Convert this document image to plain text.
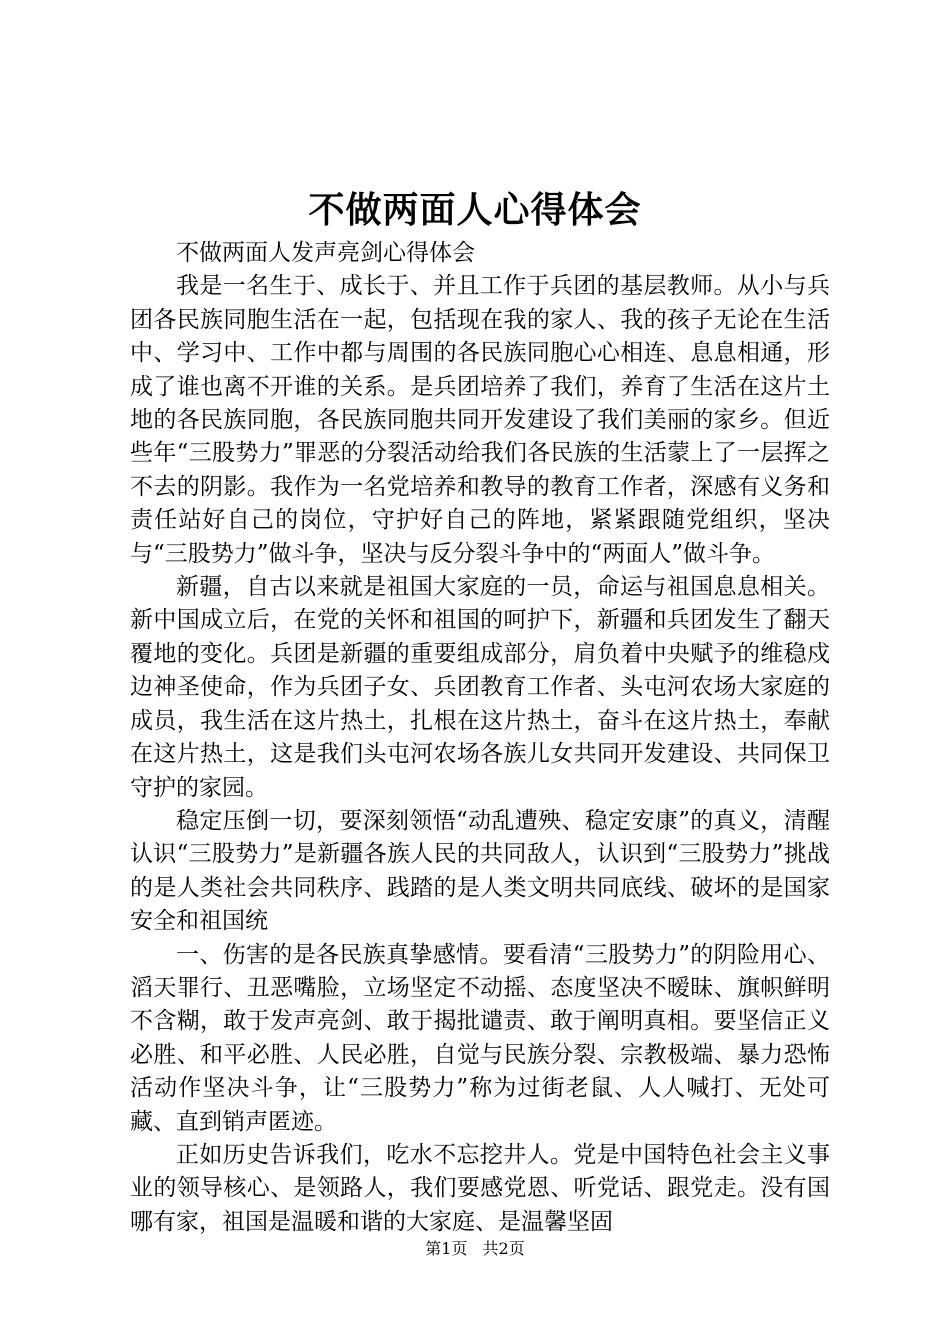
不做两面人心得体会

不做两面人发声亮剑心得体会

我是一名生于、成长于、并且工作于兵团的基层教师。从小与兵团各民族同胞生活在一起，包括现在我的家人、我的孩子无论在生活中、学习中、工作中都与周围的各民族同胞心心相连、息息相通，形成了谁也离不开谁的关系。是兵团培养了我们，养育了生活在这片土地的各民族同胞，各民族同胞共同开发建设了我们美丽的家乡。但近些年“三股势力”罪恶的分裂活动给我们各民族的生活蒙上了一层挥之不去的阴影。我作为一名党培养和教导的教育工作者，深感有义务和责任站好自己的岗位，守护好自己的阵地，紧紧跟随党组织，坚决与“三股势力”做斗争，坚决与反分裂斗争中的“两面人”做斗争。

新疆，自古以来就是祖国大家庭的一员，命运与祖国息息相关。新中国成立后，在党的关怀和祖国的呵护下，新疆和兵团发生了翻天覆地的变化。兵团是新疆的重要组成部分，肩负着中央赋予的维稳戍边神圣使命，作为兵团子女、兵团教育工作者、头屯河农场大家庭的成员，我生活在这片热土，扎根在这片热土，奋斗在这片热土，奉献在这片热土，这是我们头屯河农场各族儿女共同开发建设、共同保卫守护的家园。

稳定压倒一切，要深刻领悟“动乱遭殃、稳定安康”的真义，清醒认识“三股势力”是新疆各族人民的共同敌人，认识到“三股势力”挑战的是人类社会共同秩序、践踏的是人类文明共同底线、破坏的是国家安全和祖国统

一、伤害的是各民族真挚感情。要看清“三股势力”的阴险用心、滔天罪行、丑恶嘴脸，立场坚定不动摇、态度坚决不暧昧、旗帜鲜明不含糊，敢于发声亮剑、敢于揭批谴责、敢于阐明真相。要坚信正义必胜、和平必胜、人民必胜，自觉与民族分裂、宗教极端、暴力恐怖活动作坚决斗争，让“三股势力”称为过街老鼠、人人喊打、无处可藏、直到销声匿迹。

正如历史告诉我们，吃水不忘挖井人。党是中国特色社会主义事业的领导核心、是领路人，我们要感党恩、听党话、跟党走。没有国哪有家，祖国是温暖和谐的大家庭、是温馨坚固

第1页 共2页
